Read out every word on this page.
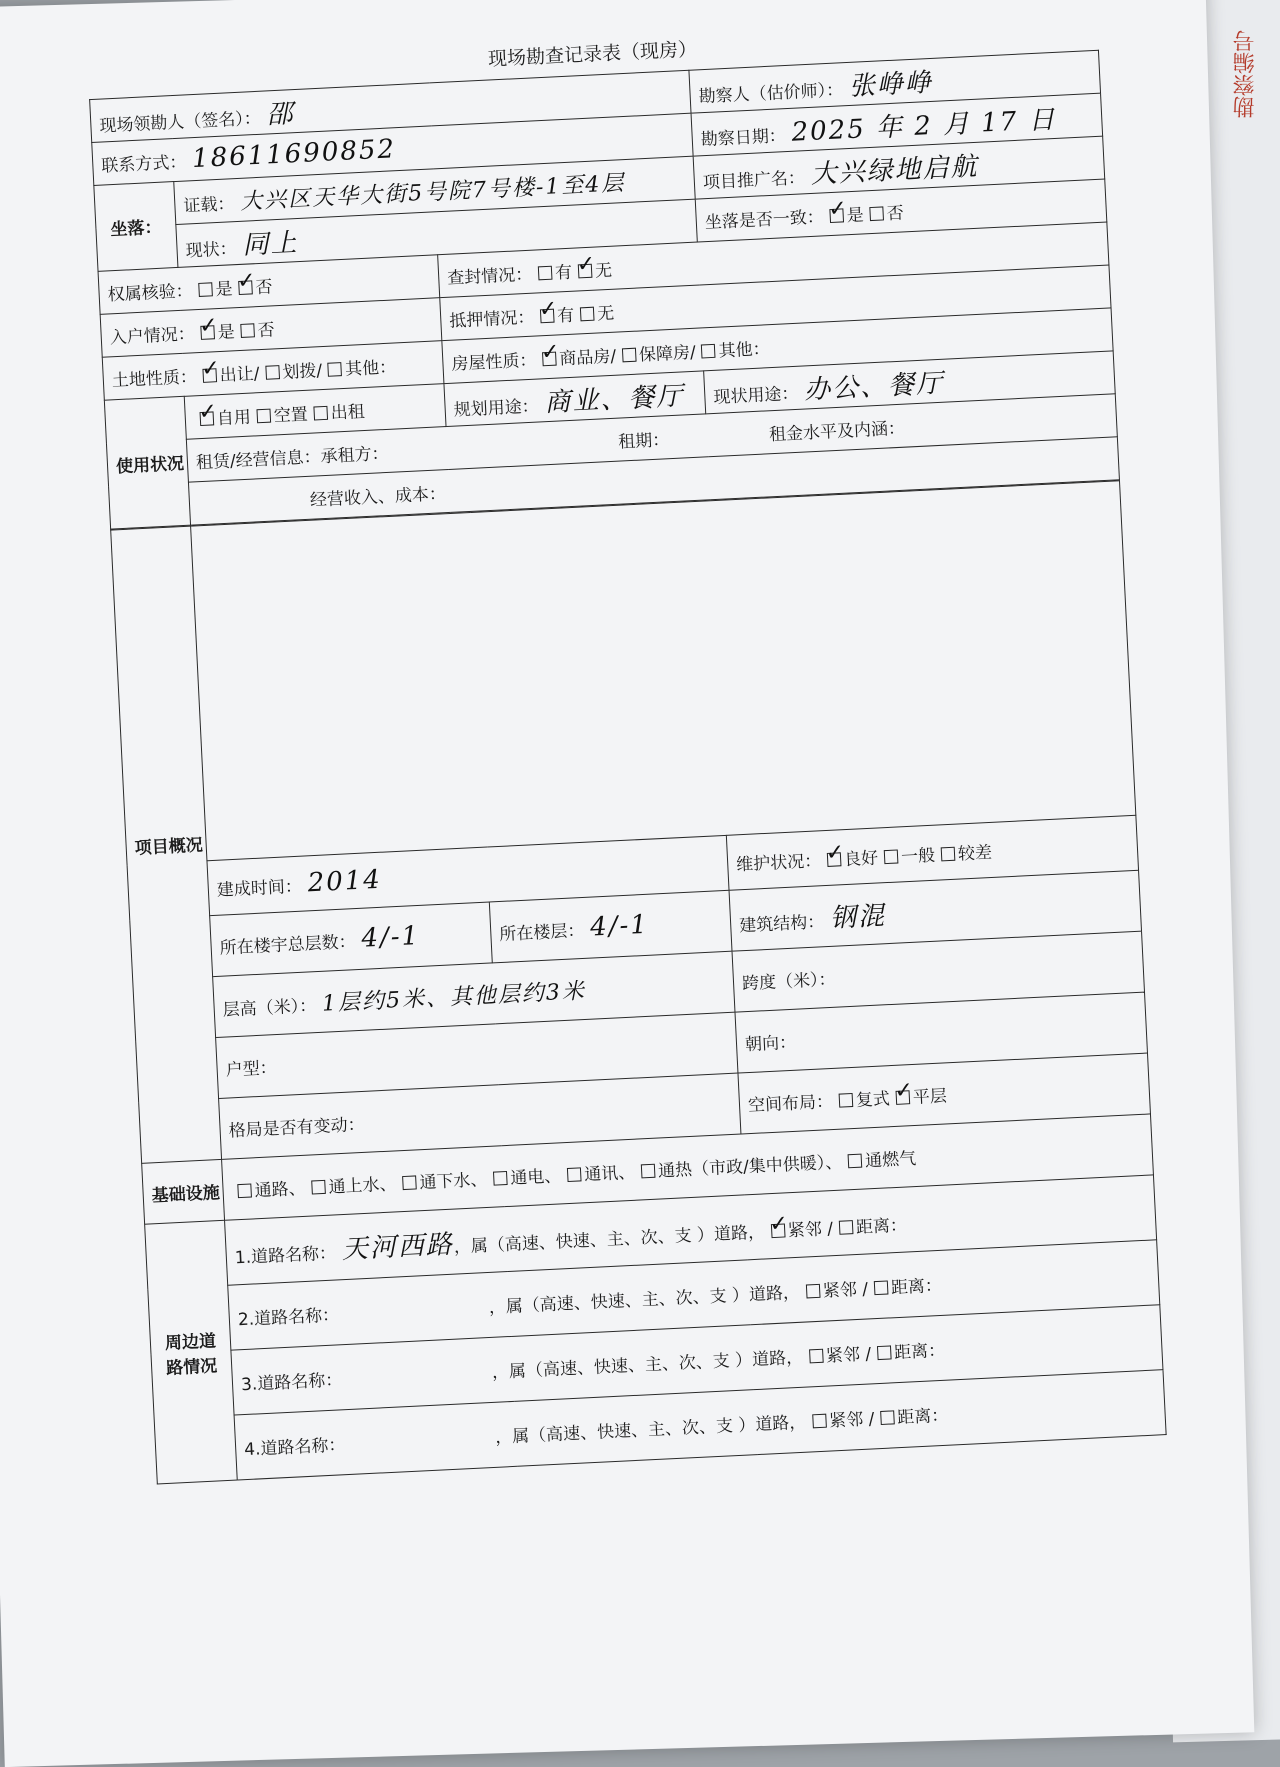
勘察编号
现场勘查记录表（现房）
现场领勘人（签名）： 邵			勘察人（估价师）： 张峥峥
联系方式： 18611690852			勘察日期： 2025 年 2 月 17 日
坐落：	证载： 大兴区天华大街5号院7号楼-1至4层		项目推广名： 大兴绿地启航
	现状： 同上		坐落是否一致： ✓ 是 否
权属核验： 是 ✓ 否		查封情况： 有 ✓ 无
入户情况： ✓ 是 否		抵押情况： ✓ 有 无
土地性质： ✓ 出让/ 划拨/ 其他：		房屋性质： ✓ 商品房/ 保障房/ 其他：
使用状况	✓自用 空置 出租	规划用途： 商业、餐厅	现状用途： 办公、餐厅
	租赁/经营信息：承租方：租期： 租金水平及内涵：		
	经营收入、成本：		
项目概况			
	建成时间： 2014		维护状况： ✓ 良好 一般 较差
	所在楼宇总层数： 4/-1	所在楼层： 4/-1	建筑结构： 钢混
	层高（米）： 1层约5米、其他层约3米		跨度（米）：
	户型：		朝向：
	格局是否有变动：		空间布局： 复式 ✓ 平层
基础设施	通路、 通上水、 通下水、 通电、 通讯、 通热（市政/集中供暖）、 通燃气		
周边道路情况	1.道路名称： 天河西路，属（高速、快速、主、次、支 ）道路， ✓ 紧邻 / 距离：
	2.道路名称： ，属（高速、快速、主、次、支 ）道路， 紧邻 / 距离：		
	3.道路名称： ，属（高速、快速、主、次、支 ）道路， 紧邻 / 距离：		
	4.道路名称： ，属（高速、快速、主、次、支 ）道路， 紧邻 / 距离：		
